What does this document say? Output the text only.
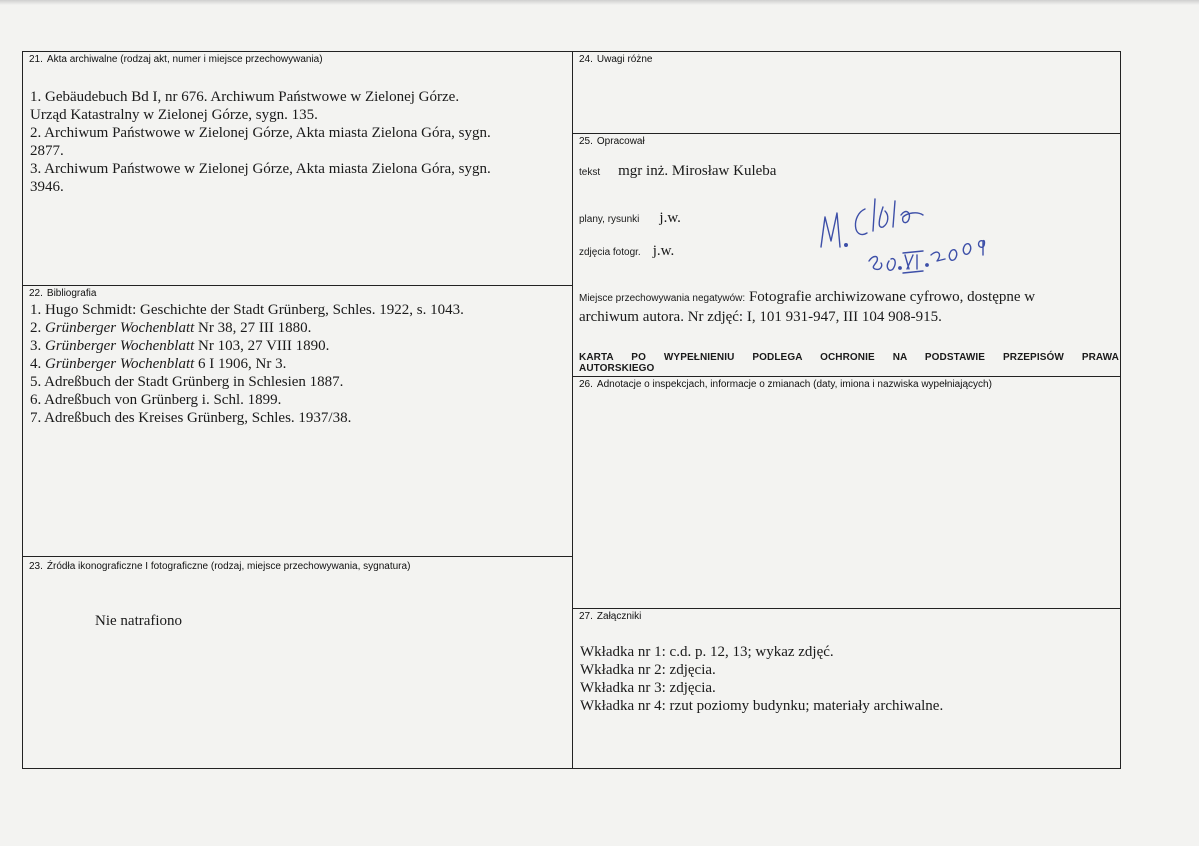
21. Akta archiwalne (rodzaj akt, numer i miejsce przechowywania)
1. Gebäudebuch Bd I, nr 676. Archiwum Państwowe w Zielonej Górze.
Urząd Katastralny w Zielonej Górze, sygn. 135.
2. Archiwum Państwowe w Zielonej Górze, Akta miasta Zielona Góra, sygn.
2877.
3. Archiwum Państwowe w Zielonej Górze, Akta miasta Zielona Góra, sygn.
3946.
22. Bibliografia
1. Hugo Schmidt: Geschichte der Stadt Grünberg, Schles. 1922, s. 1043.
2. Grünberger Wochenblatt Nr 38, 27 III 1880.
3. Grünberger Wochenblatt Nr 103, 27 VIII 1890.
4. Grünberger Wochenblatt 6 I 1906, Nr 3.
5. Adreßbuch der Stadt Grünberg in Schlesien 1887.
6. Adreßbuch von Grünberg i. Schl. 1899.
7. Adreßbuch des Kreises Grünberg, Schles. 1937/38.
23. Źródła ikonograficzne I fotograficzne (rodzaj, miejsce przechowywania, sygnatura)
Nie natrafiono
24. Uwagi różne
25. Opracował
tekst mgr inż. Mirosław Kuleba
plany, rysunki j.w.
zdjęcia fotogr. j.w.
Miejsce przechowywania negatywów: Fotografie archiwizowane cyfrowo, dostępne w
archiwum autora. Nr zdjęć: I, 101 931-947, III 104 908-915.
KARTA PO WYPEŁNIENIU PODLEGA OCHRONIE NA PODSTAWIE PRZEPISÓW PRAWA
AUTORSKIEGO
26. Adnotacje o inspekcjach, informacje o zmianach (daty, imiona i nazwiska wypełniających)
27. Załączniki
Wkładka nr 1: c.d. p. 12, 13; wykaz zdjęć.
Wkładka nr 2: zdjęcia.
Wkładka nr 3: zdjęcia.
Wkładka nr 4: rzut poziomy budynku; materiały archiwalne.
